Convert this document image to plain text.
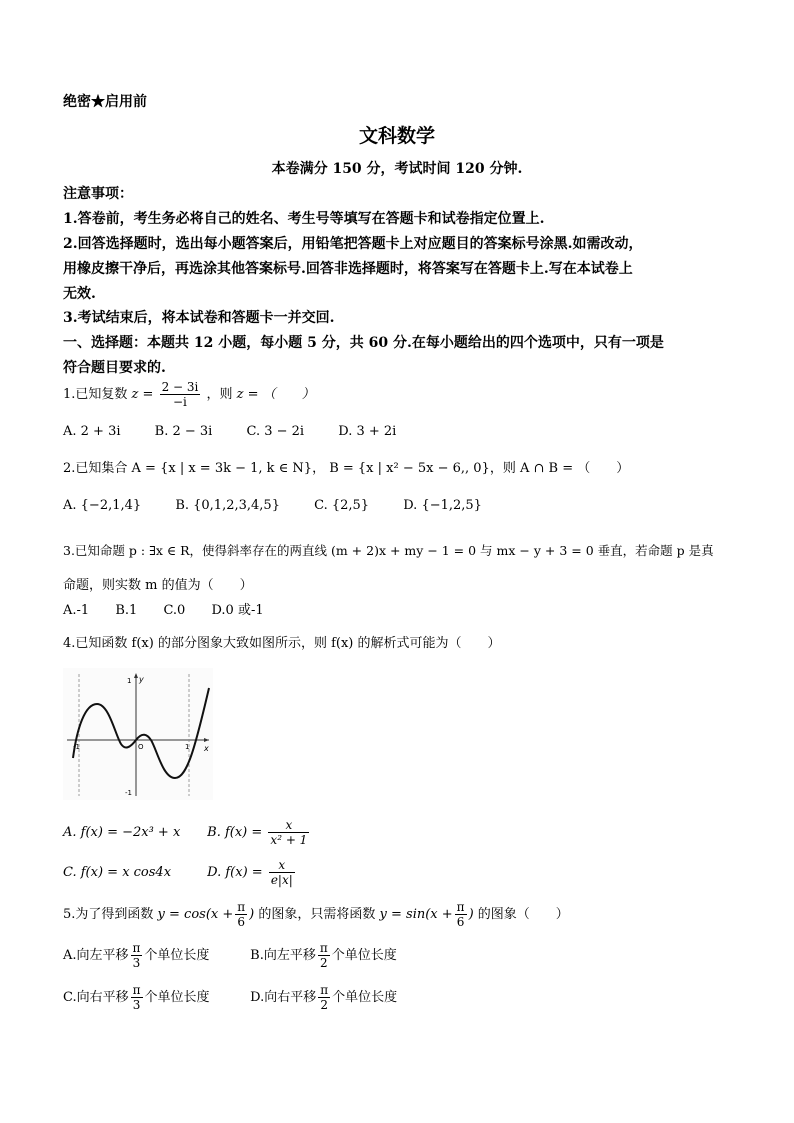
绝密★启用前
文科数学
本卷满分 150 分，考试时间 120 分钟.
注意事项：
1.答卷前，考生务必将自己的姓名、考生号等填写在答题卡和试卷指定位置上.
2.回答选择题时，选出每小题答案后，用铅笔把答题卡上对应题目的答案标号涂黑.如需改动，
用橡皮擦干净后，再选涂其他答案标号.回答非选择题时，将答案写在答题卡上.写在本试卷上
无效.
3.考试结束后，将本试卷和答题卡一并交回.
一、选择题：本题共 12 小题，每小题 5 分，共 60 分.在每小题给出的四个选项中，只有一项是
符合题目要求的.
1.已知复数 $z = \frac{2 - 3i}{-i}$ ，则 z = （　　）
A. 2 + 3i	B. 2 − 3i	C. 3 − 2i	D. 3 + 2i
2.已知集合 A = {x | x = 3k − 1, k ∈ N}， B = {x | x² − 5x − 6,, 0}，则 A ∩ B = （　　）
A. {−2,1,4}	B. {0,1,2,3,4,5}	C. {2,5}	D. {−1,2,5}
3.已知命题 p : ∃x ∈ R，使得斜率存在的两直线 (m + 2)x + my − 1 = 0 与 mx − y + 3 = 0 垂直，若命题 p 是真
命题，则实数 m 的值为（　　）
A.-1 B.1 C.0 D.0 或-1
4.已知函数 f(x) 的部分图象大致如图所示，则 f(x) 的解析式可能为（　　）
y
x
O
-1	1
1
-1
A. f(x) = −2x³ + x B. $f(x) = \frac{x}{\text{x² + 1}}$
C. f(x) = x cos4x	D. $f(x) = \frac{x}{e|x|}$
5.为了得到函数 $y = \cos(x + \frac{\pi}{6}$ ) 的图象，只需将函数 $y = \sin(x + \frac{\pi}{6}$ ) 的图象（　　）
A.向左平移 $\frac{\pi}{3}$ 个单位长度	B.向左平移 $\frac{\pi}{2}$ 个单位长度
C.向右平移 $\frac{\pi}{3}$ 个单位长度	D.向右平移 $\frac{\pi}{2}$ 个单位长度
